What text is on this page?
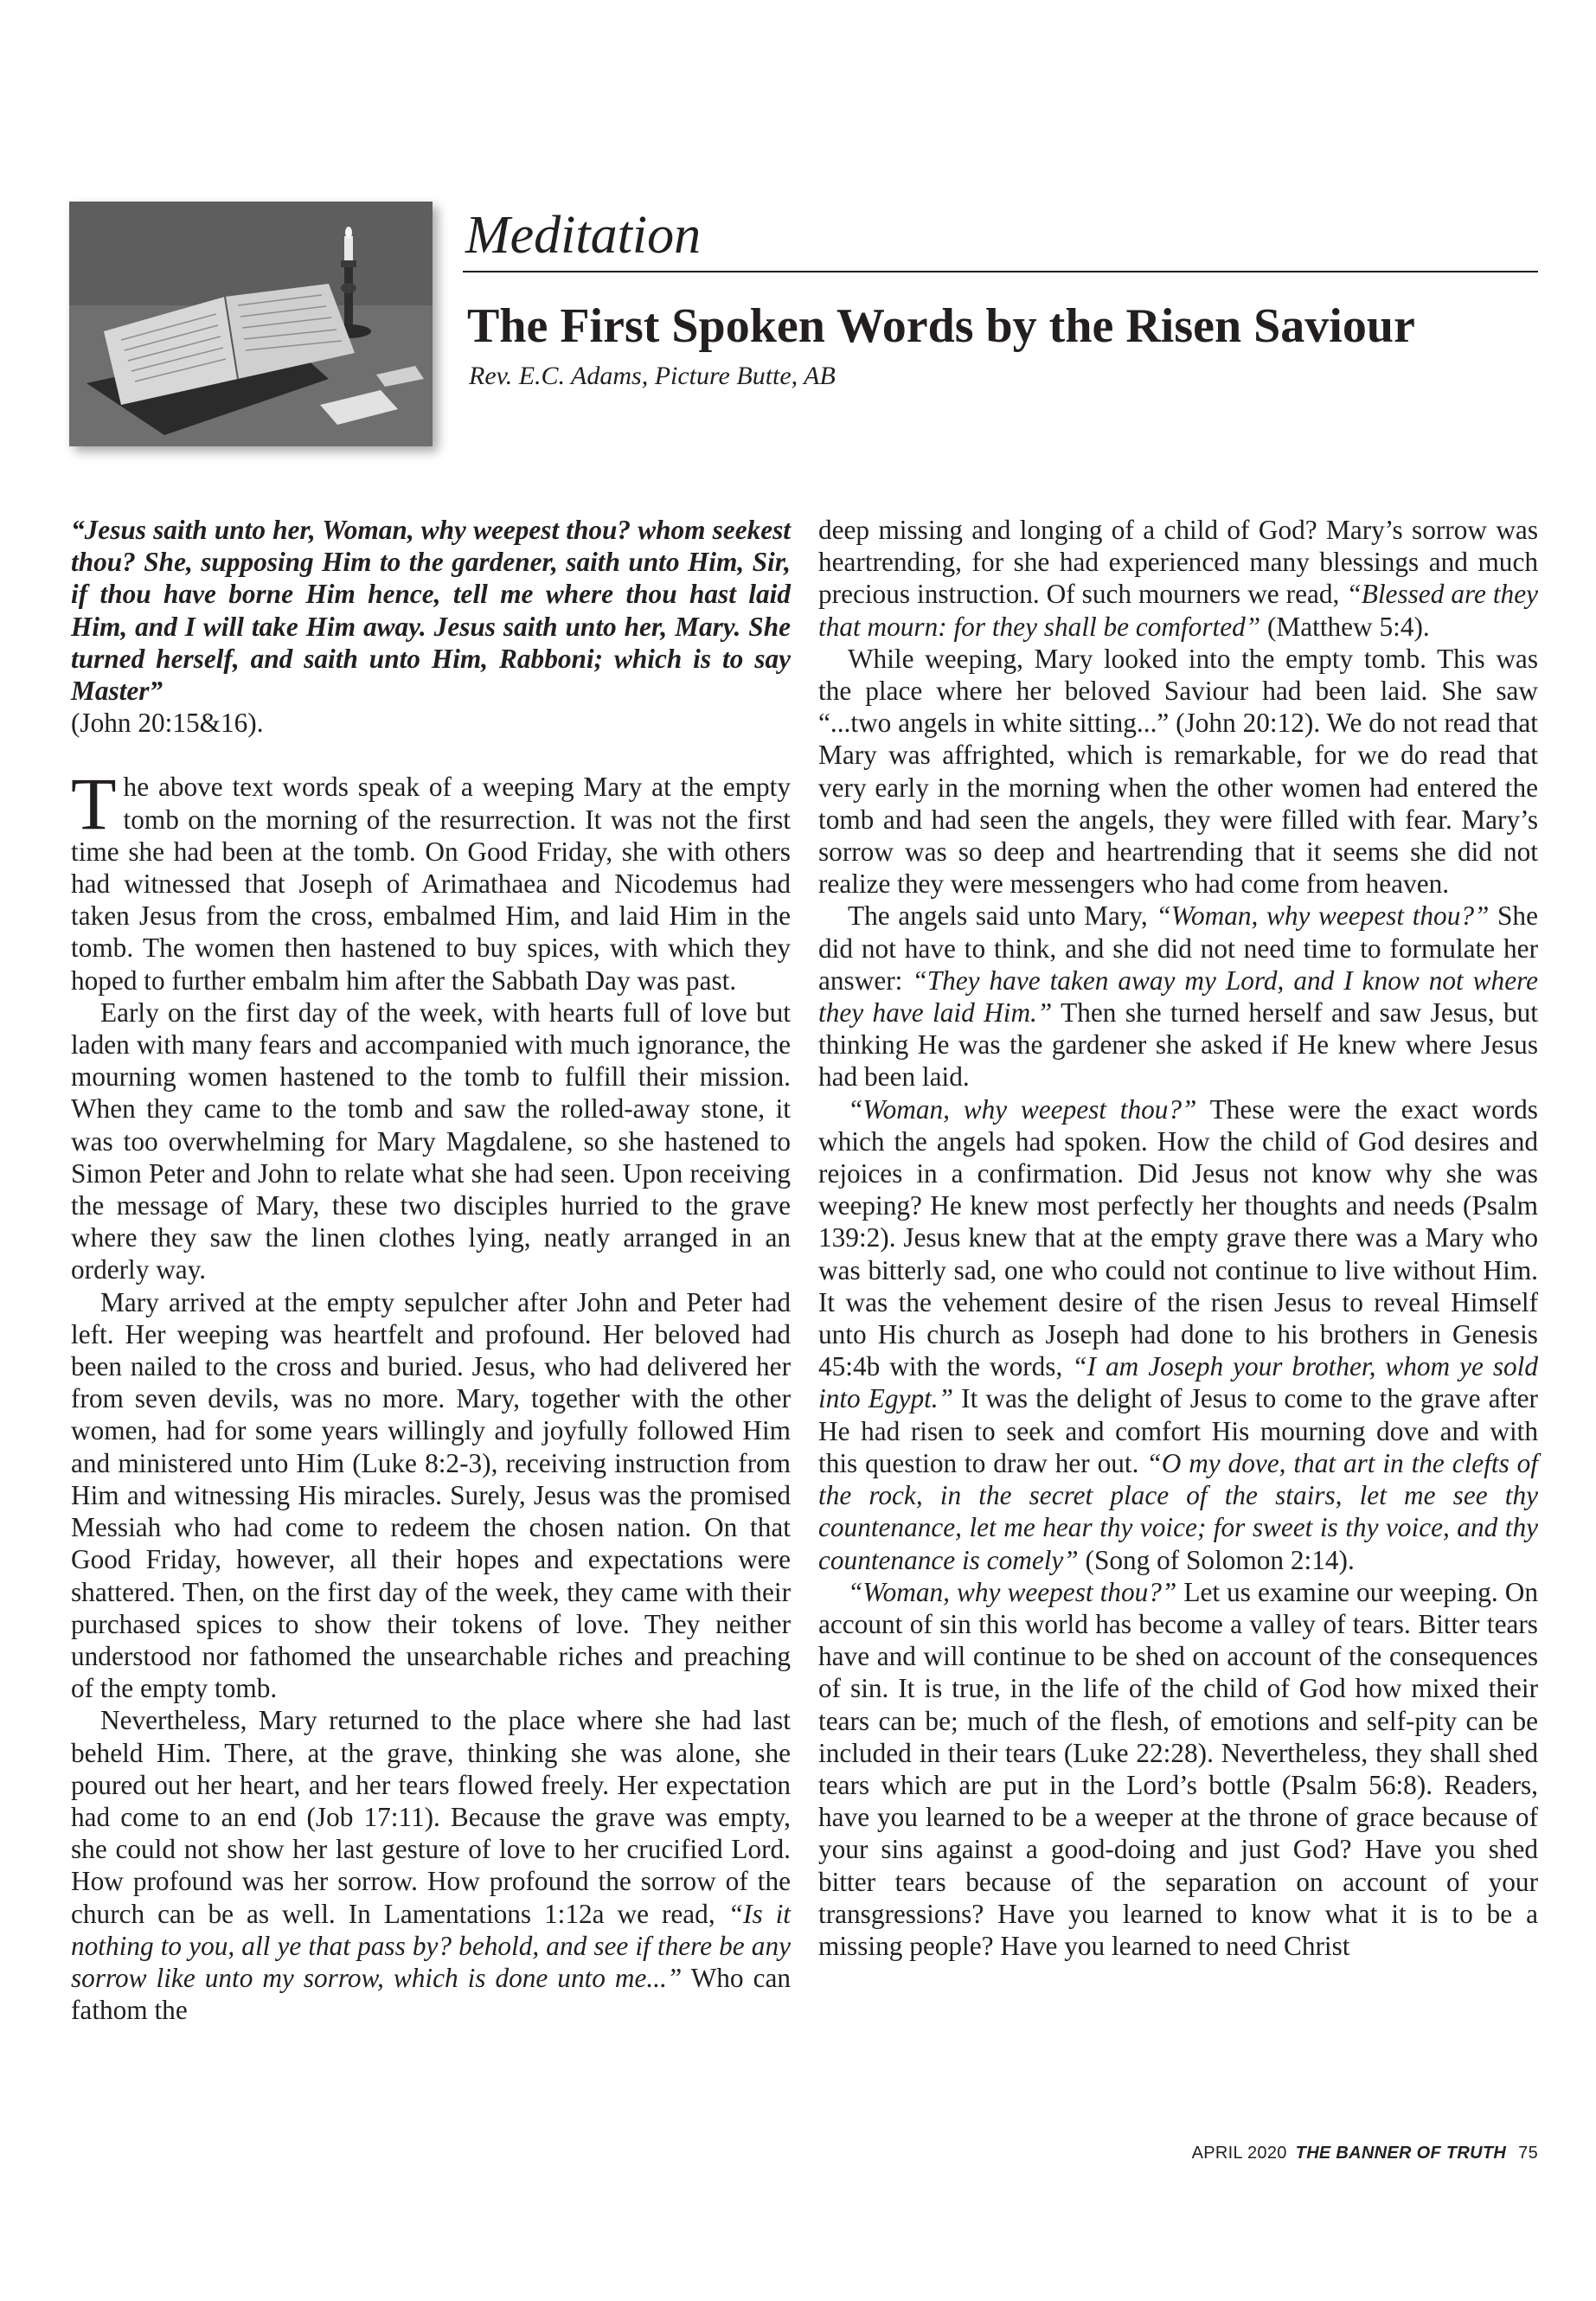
Meditation
The First Spoken Words by the Risen Saviour
Rev. E.C. Adams, Picture Butte, AB

“Jesus saith unto her, Woman, why weepest thou? whom seekest thou? She, supposing Him to the gardener, saith unto Him, Sir, if thou have borne Him hence, tell me where thou hast laid Him, and I will take Him away. Jesus saith unto her, Mary. She turned herself, and saith unto Him, Rabboni; which is to say Master”

(John 20:15&16).

The above text words speak of a weeping Mary at the empty tomb on the morning of the resurrection. It was not the first time she had been at the tomb. On Good Friday, she with others had witnessed that Joseph of Arimathaea and Nicodemus had taken Jesus from the cross, embalmed Him, and laid Him in the tomb. The women then hastened to buy spices, with which they hoped to further embalm him after the Sabbath Day was past.

Early on the first day of the week, with hearts full of love but laden with many fears and accompanied with much ignorance, the mourning women hastened to the tomb to fulfill their mission. When they came to the tomb and saw the rolled-away stone, it was too overwhelming for Mary Magdalene, so she hastened to Simon Peter and John to relate what she had seen. Upon receiving the message of Mary, these two disciples hurried to the grave where they saw the linen clothes lying, neatly arranged in an orderly way.

Mary arrived at the empty sepulcher after John and Peter had left. Her weeping was heartfelt and profound. Her beloved had been nailed to the cross and buried. Jesus, who had delivered her from seven devils, was no more. Mary, together with the other women, had for some years willingly and joyfully followed Him and ministered unto Him (Luke 8:2-3), receiving instruction from Him and witnessing His miracles. Surely, Jesus was the promised Messiah who had come to redeem the chosen nation. On that Good Friday, however, all their hopes and expectations were shattered. Then, on the first day of the week, they came with their purchased spices to show their tokens of love. They neither understood nor fathomed the unsearchable riches and preaching of the empty tomb.

Nevertheless, Mary returned to the place where she had last beheld Him. There, at the grave, thinking she was alone, she poured out her heart, and her tears flowed freely. Her expectation had come to an end (Job 17:11). Because the grave was empty, she could not show her last gesture of love to her crucified Lord. How profound was her sorrow. How profound the sorrow of the church can be as well. In Lamentations 1:12a we read, “Is it nothing to you, all ye that pass by? behold, and see if there be any sorrow like unto my sorrow, which is done unto me...” Who can fathom the

deep missing and longing of a child of God? Mary’s sorrow was heartrending, for she had experienced many blessings and much precious instruction. Of such mourners we read, “Blessed are they that mourn: for they shall be comforted” (Matthew 5:4).

While weeping, Mary looked into the empty tomb. This was the place where her beloved Saviour had been laid. She saw “...two angels in white sitting...” (John 20:12). We do not read that Mary was affrighted, which is remarkable, for we do read that very early in the morning when the other women had entered the tomb and had seen the angels, they were filled with fear. Mary’s sorrow was so deep and heartrending that it seems she did not realize they were messengers who had come from heaven.

The angels said unto Mary, “Woman, why weepest thou?” She did not have to think, and she did not need time to formulate her answer: “They have taken away my Lord, and I know not where they have laid Him.” Then she turned herself and saw Jesus, but thinking He was the gardener she asked if He knew where Jesus had been laid.

“Woman, why weepest thou?” These were the exact words which the angels had spoken. How the child of God desires and rejoices in a confirmation. Did Jesus not know why she was weeping? He knew most perfectly her thoughts and needs (Psalm 139:2). Jesus knew that at the empty grave there was a Mary who was bitterly sad, one who could not continue to live without Him. It was the vehement desire of the risen Jesus to reveal Himself unto His church as Joseph had done to his brothers in Genesis 45:4b with the words, “I am Joseph your brother, whom ye sold into Egypt.” It was the delight of Jesus to come to the grave after He had risen to seek and comfort His mourning dove and with this question to draw her out. “O my dove, that art in the clefts of the rock, in the secret place of the stairs, let me see thy countenance, let me hear thy voice; for sweet is thy voice, and thy countenance is comely” (Song of Solomon 2:14).

“Woman, why weepest thou?” Let us examine our weeping. On account of sin this world has become a valley of tears. Bitter tears have and will continue to be shed on account of the consequences of sin. It is true, in the life of the child of God how mixed their tears can be; much of the flesh, of emotions and self-pity can be included in their tears (Luke 22:28). Nevertheless, they shall shed tears which are put in the Lord’s bottle (Psalm 56:8). Readers, have you learned to be a weeper at the throne of grace because of your sins against a good-doing and just God? Have you shed bitter tears because of the separation on account of your transgressions? Have you learned to know what it is to be a missing people? Have you learned to need Christ

APRIL 2020 THE BANNER OF TRUTH 75
